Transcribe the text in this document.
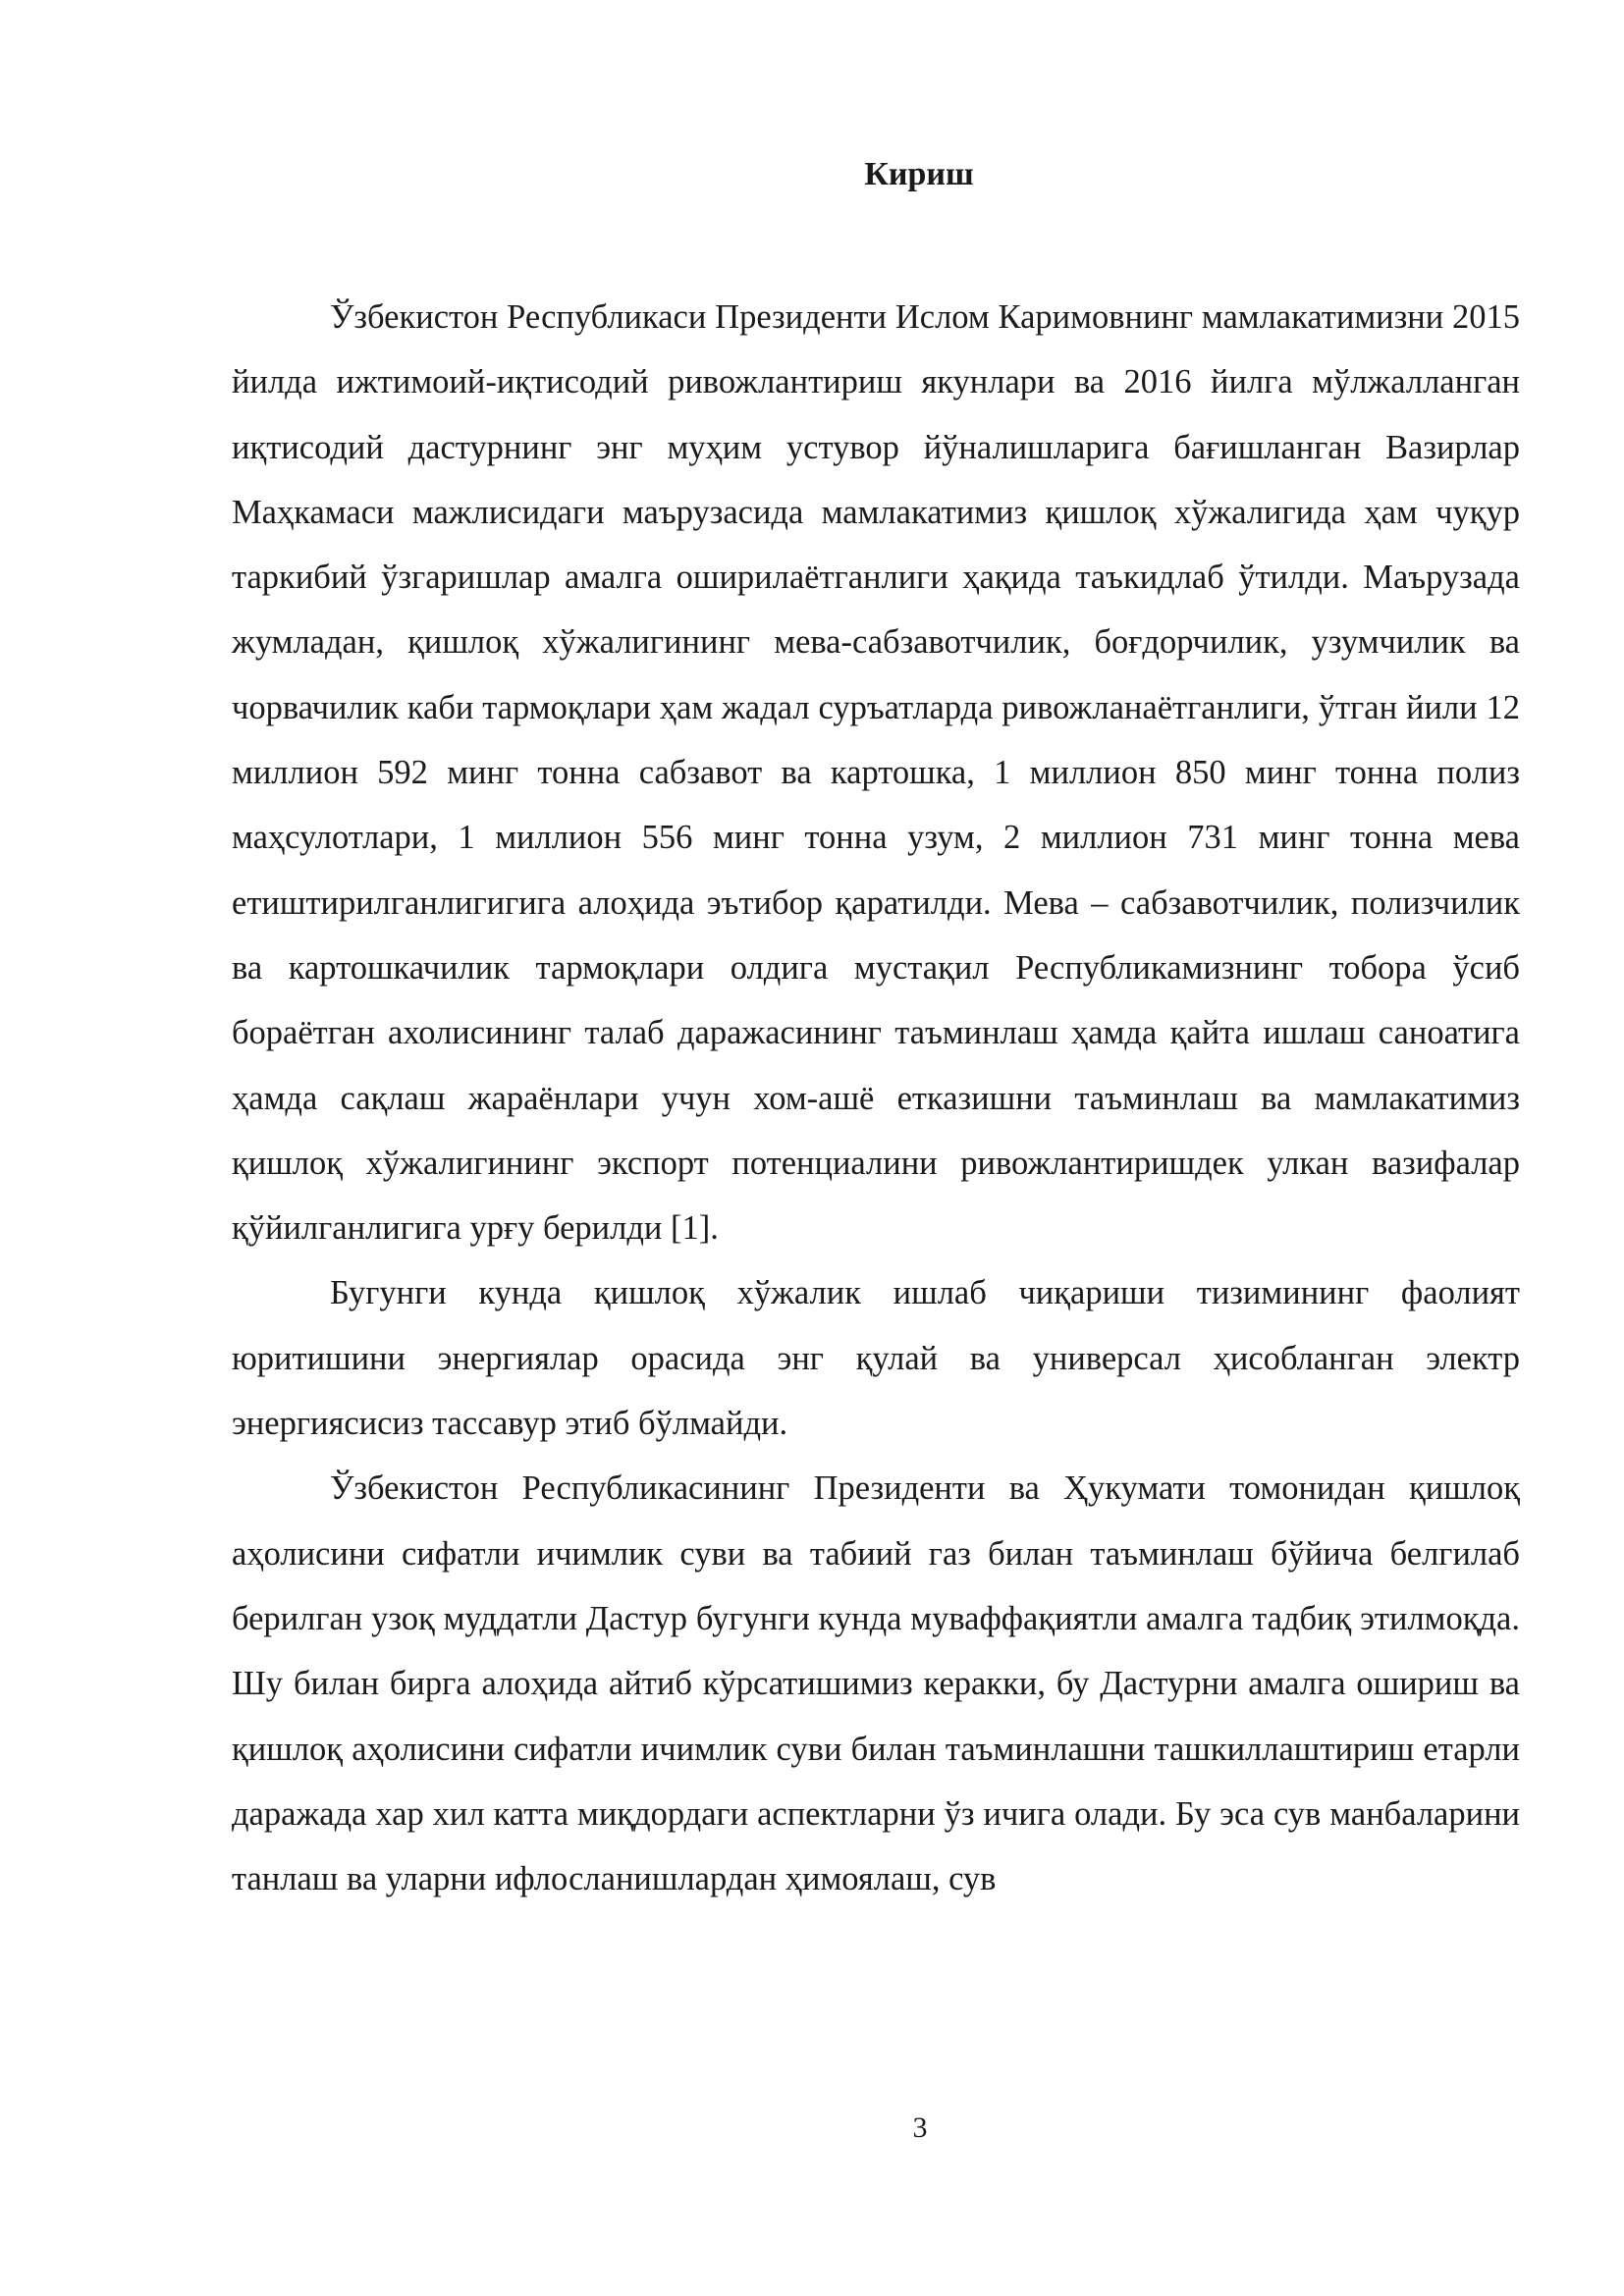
Кириш

Ўзбекистон Республикаси Президенти Ислом Каримовнинг мамлакатимизни 2015 йилда ижтимоий-иқтисодий ривожлантириш якунлари ва 2016 йилга мўлжалланган иқтисодий дастурнинг энг муҳим устувор йўналишларига бағишланган Вазирлар Маҳкамаси мажлисидаги маърузасида мамлакатимиз қишлоқ хўжалигида ҳам чуқур таркибий ўзгаришлар амалга оширилаётганлиги ҳақида таъкидлаб ўтилди. Маърузада жумладан, қишлоқ хўжалигининг мева-сабзавотчилик, боғдорчилик, узумчилик ва чорвачилик каби тармоқлари ҳам жадал суръатларда ривожланаётганлиги, ўтган йили 12 миллион 592 минг тонна сабзавот ва картошка, 1 миллион 850 минг тонна полиз маҳсулотлари, 1 миллион 556 минг тонна узум, 2 миллион 731 минг тонна мева етиштирилганлигигига алоҳида эътибор қаратилди. Мева – сабзавотчилик, полизчилик ва картошкачилик тармоқлари олдига мустақил Республикамизнинг тобора ўсиб бораётган ахолисининг талаб даражасининг таъминлаш ҳамда қайта ишлаш саноатига ҳамда сақлаш жараёнлари учун хом-ашё етказишни таъминлаш ва мамлакатимиз қишлоқ хўжалигининг экспорт потенциалини ривожлантиришдек улкан вазифалар қўйилганлигига урғу берилди [1].

Бугунги кунда қишлоқ хўжалик ишлаб чиқариши тизимининг фаолият юритишини энергиялар орасида энг қулай ва универсал ҳисобланган электр энергиясисиз тассавур этиб бўлмайди.

Ўзбекистон Республикасининг Президенти ва Ҳукумати томонидан қишлоқ аҳолисини сифатли ичимлик суви ва табиий газ билан таъминлаш бўйича белгилаб берилган узоқ муддатли Дастур бугунги кунда муваффақиятли амалга тадбиқ этилмоқда. Шу билан бирга алоҳида айтиб кўрсатишимиз керакки, бу Дастурни амалга ошириш ва қишлоқ аҳолисини сифатли ичимлик суви билан таъминлашни ташкиллаштириш етарли даражада хар хил катта миқдордаги аспектларни ўз ичига олади. Бу эса сув манбаларини танлаш ва уларни ифлосланишлардан ҳимоялаш, сув

3
